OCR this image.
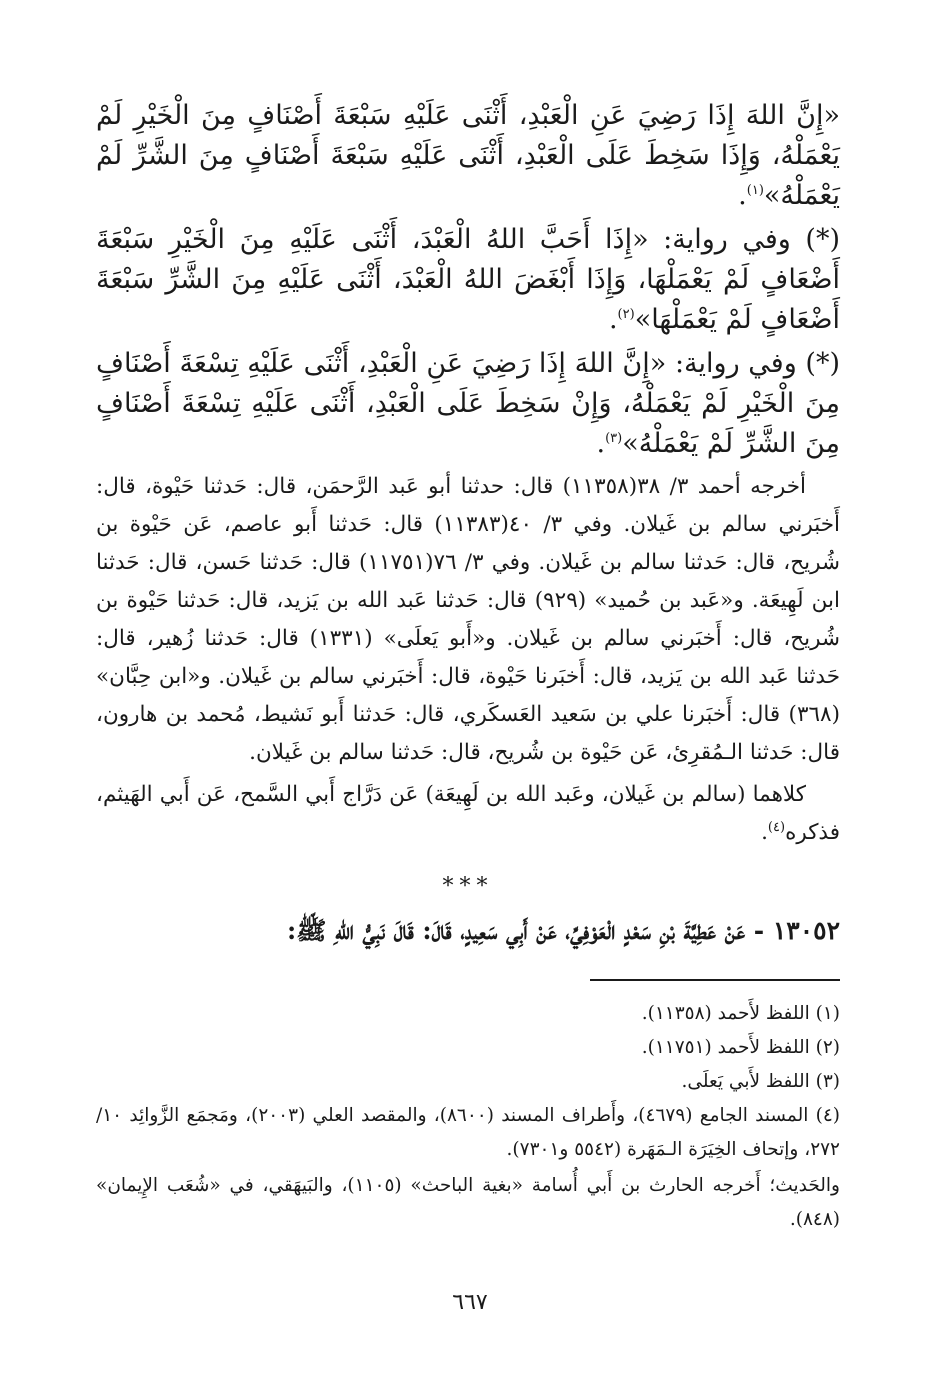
«إِنَّ اللهَ إِذَا رَضِيَ عَنِ الْعَبْدِ، أَثْنَى عَلَيْهِ سَبْعَةَ أَصْنَافٍ مِنَ الْخَيْرِ لَمْ يَعْمَلْهُ، وَإِذَا سَخِطَ عَلَى الْعَبْدِ، أَثْنَى عَلَيْهِ سَبْعَةَ أَصْنَافٍ مِنَ الشَّرِّ لَمْ يَعْمَلْهُ»$^{(١)}$.

(*) وفي رواية: «إِذَا أَحَبَّ اللهُ الْعَبْدَ، أَثْنَى عَلَيْهِ مِنَ الْخَيْرِ سَبْعَةَ أَضْعَافٍ لَمْ يَعْمَلْهَا، وَإِذَا أَبْغَضَ اللهُ الْعَبْدَ، أَثْنَى عَلَيْهِ مِنَ الشَّرِّ سَبْعَةَ أَضْعَافٍ لَمْ يَعْمَلْهَا»$^{(٢)}$.

(*) وفي رواية: «إِنَّ اللهَ إِذَا رَضِيَ عَنِ الْعَبْدِ، أَثْنَى عَلَيْهِ تِسْعَةَ أَصْنَافٍ مِنَ الْخَيْرِ لَمْ يَعْمَلْهُ، وَإِنْ سَخِطَ عَلَى الْعَبْدِ، أَثْنَى عَلَيْهِ تِسْعَةَ أَصْنَافٍ مِنَ الشَّرِّ لَمْ يَعْمَلْهُ»$^{(٣)}$.

أخرجه أحمد ٣/ ٣٨(١١٣٥٨) قال: حدثنا أبو عَبد الرَّحمَن، قال: حَدثنا حَيْوة، قال: أَخبَرني سالم بن غَيلان. وفي ٣/ ٤٠(١١٣٨٣) قال: حَدثنا أَبو عاصم، عَن حَيْوة بن شُريح، قال: حَدثنا سالم بن غَيلان. وفي ٣/ ٧٦(١١٧٥١) قال: حَدثنا حَسن، قال: حَدثنا ابن لَهِيعَة. و«عَبد بن حُميد» (٩٢٩) قال: حَدثنا عَبد الله بن يَزيد، قال: حَدثنا حَيْوة بن شُريح، قال: أَخبَرني سالم بن غَيلان. و«أَبو يَعلَى» (١٣٣١) قال: حَدثنا زُهير، قال: حَدثنا عَبد الله بن يَزيد، قال: أَخبَرنا حَيْوة، قال: أَخبَرني سالم بن غَيلان. و«ابن حِبَّان» (٣٦٨) قال: أَخبَرنا علي بن سَعيد العَسكَري، قال: حَدثنا أَبو نَشيط، مُحمد بن هارون، قال: حَدثنا الـمُقرِئ، عَن حَيْوة بن شُريح، قال: حَدثنا سالم بن غَيلان.

كلاهما (سالم بن غَيلان، وعَبد الله بن لَهِيعَة) عَن دَرَّاج أَبي السَّمح، عَن أَبي الهَيثم، فذكره$^{(٤)}$.

***

١٣٠٥٢ - عَنْ عَطِيَّةَ بْنِ سَعْدٍ الْعَوْفِيِّ، عَنْ أَبِي سَعِيدٍ، قَالَ: قَالَ نَبِيُّ اللهِ ﷺ:

(١) اللفظ لأَحمد (١١٣٥٨).

(٢) اللفظ لأَحمد (١١٧٥١).

(٣) اللفظ لأَبي يَعلَى.

(٤) المسند الجامع (٤٦٧٩)، وأَطراف المسند (٨٦٠٠)، والمقصد العلي (٢٠٠٣)، ومَجمَع الزَّوائِد ١٠/ ٢٧٢، وإتحاف الخِيَرَة الـمَهَرة (٥٥٤٢ و٧٣٠١).

والحَديث؛ أَخرجه الحارث بن أَبي أُسامة «بغية الباحث» (١١٠٥)، والبَيهَقي، في «شُعَب الإِيمان» (٨٤٨).

٦٦٧
